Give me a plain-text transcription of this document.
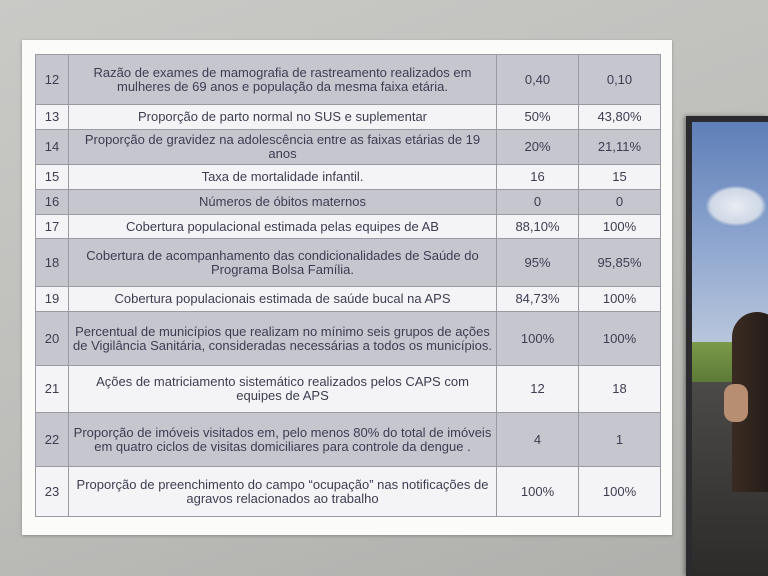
12	Razão de exames de mamografia de rastreamento realizados em mulheres de 69 anos e população da mesma faixa etária.	0,40	0,10
13	Proporção de parto normal no SUS e suplementar	50%	43,80%
14	Proporção de gravidez na adolescência entre as faixas etárias de 19 anos	20%	21,11%
15	Taxa de mortalidade infantil.	16	15
16	Números de óbitos maternos	0	0
17	Cobertura populacional estimada pelas equipes de AB	88,10%	100%
18	Cobertura de acompanhamento das condicionalidades de Saúde do Programa Bolsa Família.	95%	95,85%
19	Cobertura populacionais estimada de saúde bucal na APS	84,73%	100%
20	Percentual de municípios que realizam no mínimo seis grupos de ações de Vigilância Sanitária, consideradas necessárias a todos os municípios.	100%	100%
21	Ações de matriciamento sistemático realizados pelos CAPS com equipes de APS	12	18
22	Proporção de imóveis visitados em, pelo menos 80% do total de imóveis em quatro ciclos de visitas domiciliares para controle da dengue .	4	1
23	Proporção de preenchimento do campo “ocupação” nas notificações de agravos relacionados ao trabalho	100%	100%
